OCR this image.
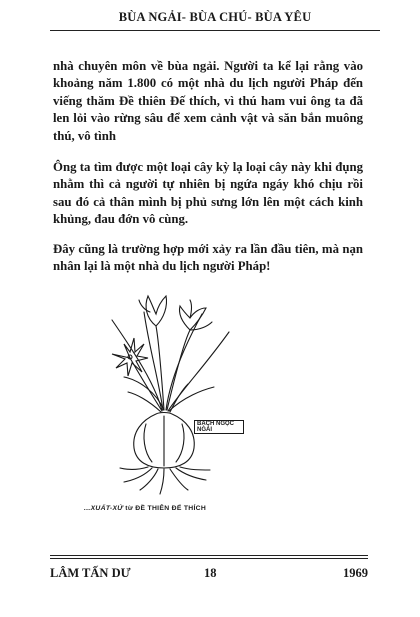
BÙA NGẢI- BÙA CHÚ- BÙA YÊU

nhà chuyên môn về bùa ngải. Người ta kể lại rằng vào khoảng năm 1.800 có một nhà du lịch người Pháp đến viếng thăm Đề thiên Đế thích, vì thú ham vui ông ta đã len lỏi vào rừng sâu để xem cảnh vật và săn bắn muông thú, vô tình

Ông ta tìm được một loại cây kỳ lạ loại cây này khi đụng nhằm thì cả người tự nhiên bị ngứa ngáy khó chịu rồi sau đó cả thân mình bị phủ sưng lớn lên một cách kinh khủng, đau đớn vô cùng.

Đây cũng là trường hợp mới xảy ra lần đầu tiên, mà nạn nhân lại là một nhà du lịch người Pháp!

BẠCH NGỌC NGẢI
...XUẤT-XỨ từ ĐỀ THIÊN ĐẾ THÍCH
LÂM TẤN DƯ	18	1969
